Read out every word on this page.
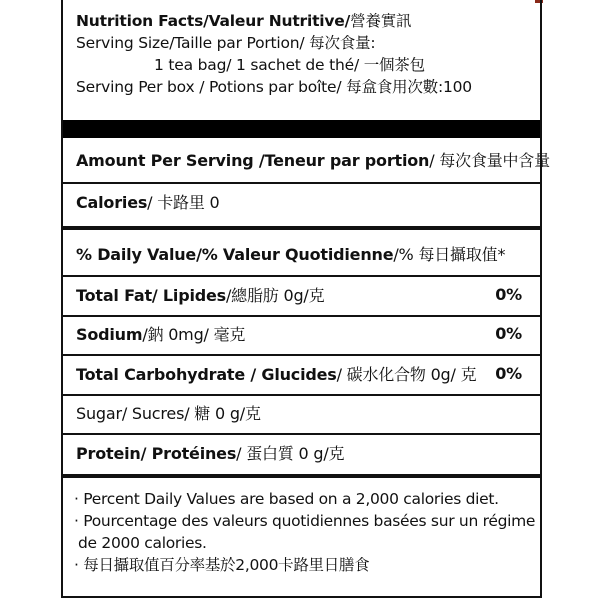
Nutrition Facts/Valeur Nutritive/營養實訊
Serving Size/Taille par Portion/ 每次食量:
1 tea bag/ 1 sachet de thé/ 一個茶包
Serving Per box / Potions par boîte/ 每盒食用次數:100
Amount Per Serving /Teneur par portion/ 每次食量中含量
Calories/ 卡路里 0
% Daily Value/% Valeur Quotidienne/% 每日攝取值*
Total Fat/ Lipides/總脂肪 0g/克	0%
Sodium/鈉 0mg/ 毫克	0%
Total Carbohydrate / Glucides/ 碳水化合物 0g/ 克 0%
Sugar/ Sucres/ 糖 0 g/克
Protein/ Protéines/ 蛋白質 0 g/克
· Percent Daily Values are based on a 2,000 calories diet.
· Pourcentage des valeurs quotidiennes basées sur un régime
de 2000 calories.
· 每日攝取值百分率基於2,000卡路里日膳食
